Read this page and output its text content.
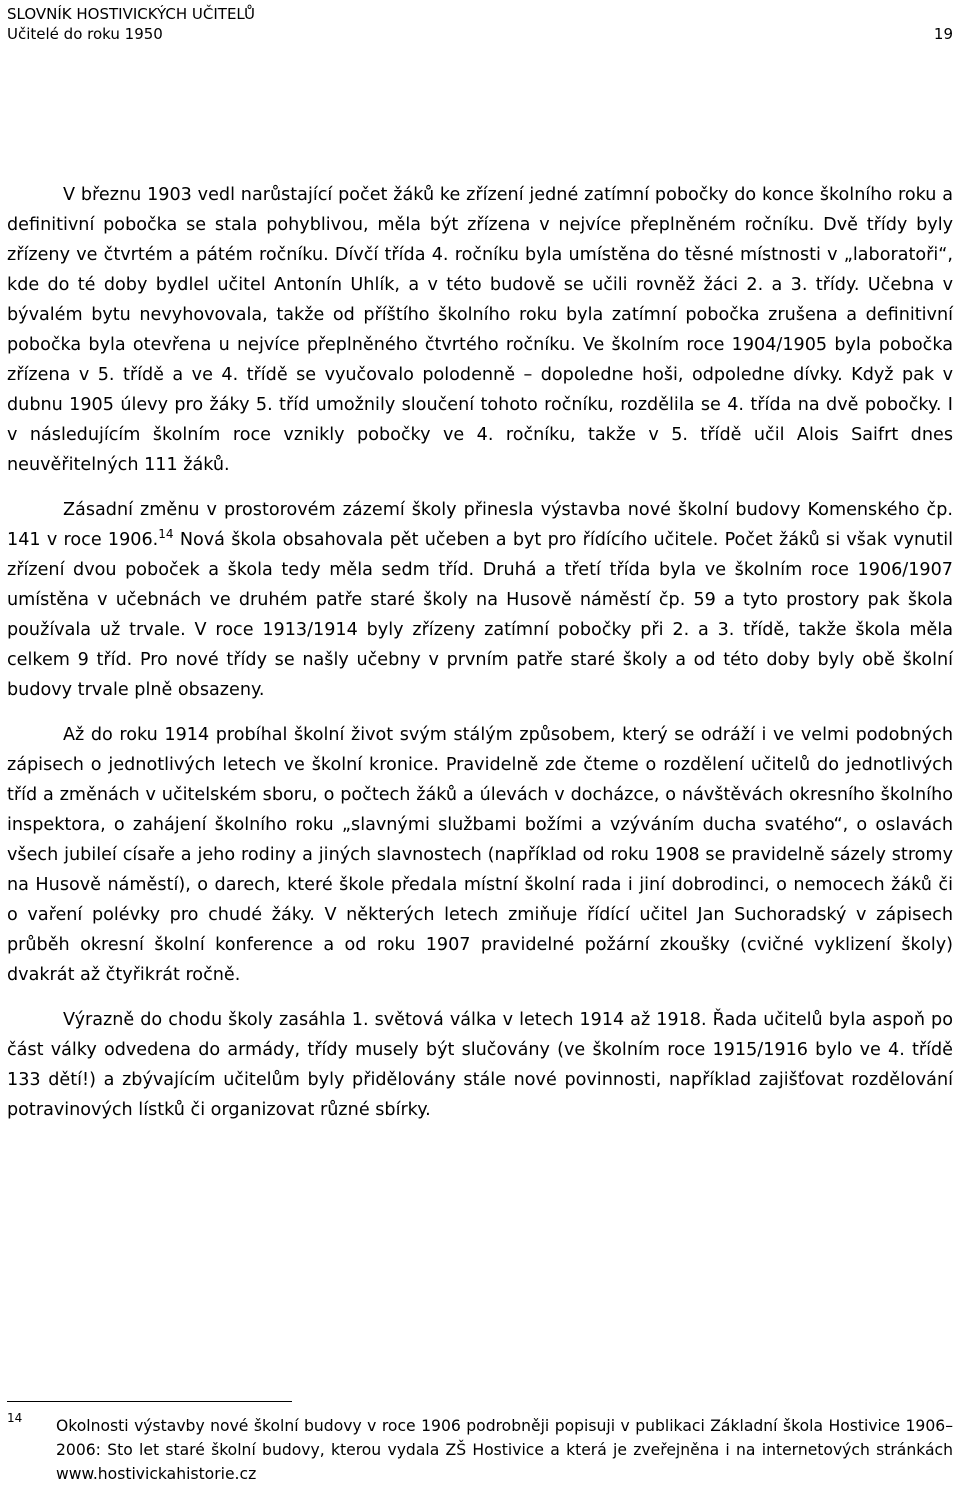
SLOVNÍK HOSTIVICKÝCH UČITELŮ
Učitelé do roku 1950	19

V březnu 1903 vedl narůstající počet žáků ke zřízení jedné zatímní pobočky do konce školního roku a definitivní pobočka se stala pohyblivou, měla být zřízena v nejvíce přeplněném ročníku. Dvě třídy byly zřízeny ve čtvrtém a pátém ročníku. Dívčí třída 4. ročníku byla umístěna do těsné místnosti v „laboratoři“, kde do té doby bydlel učitel Antonín Uhlík, a v této budově se učili rovněž žáci 2. a 3. třídy. Učebna v bývalém bytu nevyhovovala, takže od příštího školního roku byla zatímní pobočka zrušena a definitivní pobočka byla otevřena u nejvíce přeplněného čtvrtého ročníku. Ve školním roce 1904/1905 byla pobočka zřízena v 5. třídě a ve 4. třídě se vyučovalo polodenně – dopoledne hoši, odpoledne dívky. Když pak v dubnu 1905 úlevy pro žáky 5. tříd umožnily sloučení tohoto ročníku, rozdělila se 4. třída na dvě pobočky. I v následujícím školním roce vznikly pobočky ve 4. ročníku, takže v 5. třídě učil Alois Saifrt dnes neuvěřitelných 111 žáků.

Zásadní změnu v prostorovém zázemí školy přinesla výstavba nové školní budovy Komenského čp. 141 v roce 1906.14 Nová škola obsahovala pět učeben a byt pro řídícího učitele. Počet žáků si však vynutil zřízení dvou poboček a škola tedy měla sedm tříd. Druhá a třetí třída byla ve školním roce 1906/1907 umístěna v učebnách ve druhém patře staré školy na Husově náměstí čp. 59 a tyto prostory pak škola používala už trvale. V roce 1913/1914 byly zřízeny zatímní pobočky při 2. a 3. třídě, takže škola měla celkem 9 tříd. Pro nové třídy se našly učebny v prvním patře staré školy a od této doby byly obě školní budovy trvale plně obsazeny.

Až do roku 1914 probíhal školní život svým stálým způsobem, který se odráží i ve velmi podobných zápisech o jednotlivých letech ve školní kronice. Pravidelně zde čteme o rozdělení učitelů do jednotlivých tříd a změnách v učitelském sboru, o počtech žáků a úlevách v docházce, o návštěvách okresního školního inspektora, o zahájení školního roku „slavnými službami božími a vzýváním ducha svatého“, o oslavách všech jubileí císaře a jeho rodiny a jiných slavnostech (například od roku 1908 se pravidelně sázely stromy na Husově náměstí), o darech, které škole předala místní školní rada i jiní dobrodinci, o nemocech žáků či o vaření polévky pro chudé žáky. V některých letech zmiňuje řídící učitel Jan Suchoradský v zápisech průběh okresní školní konference a od roku 1907 pravidelné požární zkoušky (cvičné vyklizení školy) dvakrát až čtyřikrát ročně.

Výrazně do chodu školy zasáhla 1. světová válka v letech 1914 až 1918. Řada učitelů byla aspoň po část války odvedena do armády, třídy musely být slučovány (ve školním roce 1915/1916 bylo ve 4. třídě 133 dětí!) a zbývajícím učitelům byly přidělovány stále nové povinnosti, například zajišťovat rozdělování potravinových lístků či organizovat různé sbírky.

14 Okolnosti výstavby nové školní budovy v roce 1906 podrobněji popisuji v publikaci Základní škola Hostivice 1906–2006: Sto let staré školní budovy, kterou vydala ZŠ Hostivice a která je zveřejněna i na internetových stránkách www.hostivickahistorie.cz
